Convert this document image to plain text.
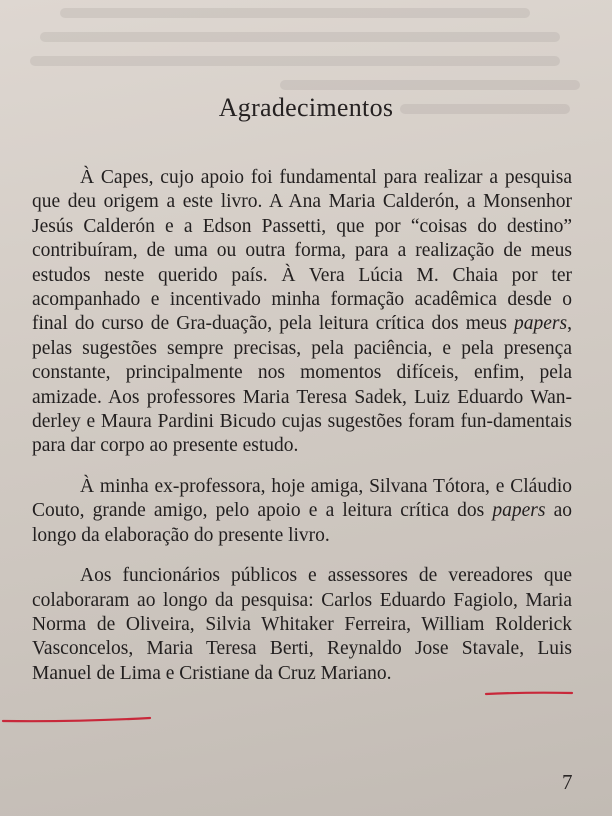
Agradecimentos

À Capes, cujo apoio foi fundamental para realizar a pesquisa que deu origem a este livro. A Ana Maria Calderón, a Monsenhor Jesús Calderón e a Edson Passetti, que por “coisas do destino” contribuíram, de uma ou outra forma, para a realização de meus estudos neste querido país. À Vera Lúcia M. Chaia por ter acompanhado e incentivado minha formação acadêmica desde o final do curso de Gra-duação, pela leitura crítica dos meus papers, pelas sugestões sempre precisas, pela paciência, e pela presença constante, principalmente nos momentos difíceis, enfim, pela amizade. Aos professores Maria Teresa Sadek, Luiz Eduardo Wan-derley e Maura Pardini Bicudo cujas sugestões foram fun-damentais para dar corpo ao presente estudo.

À minha ex-professora, hoje amiga, Silvana Tótora, e Cláudio Couto, grande amigo, pelo apoio e a leitura crítica dos papers ao longo da elaboração do presente livro.

Aos funcionários públicos e assessores de vereadores que colaboraram ao longo da pesquisa: Carlos Eduardo Fagiolo, Maria Norma de Oliveira, Silvia Whitaker Ferreira, William Rolderick Vasconcelos, Maria Teresa Berti, Reynaldo Jose Stavale, Luis Manuel de Lima e Cristiane da Cruz Mariano.

7
